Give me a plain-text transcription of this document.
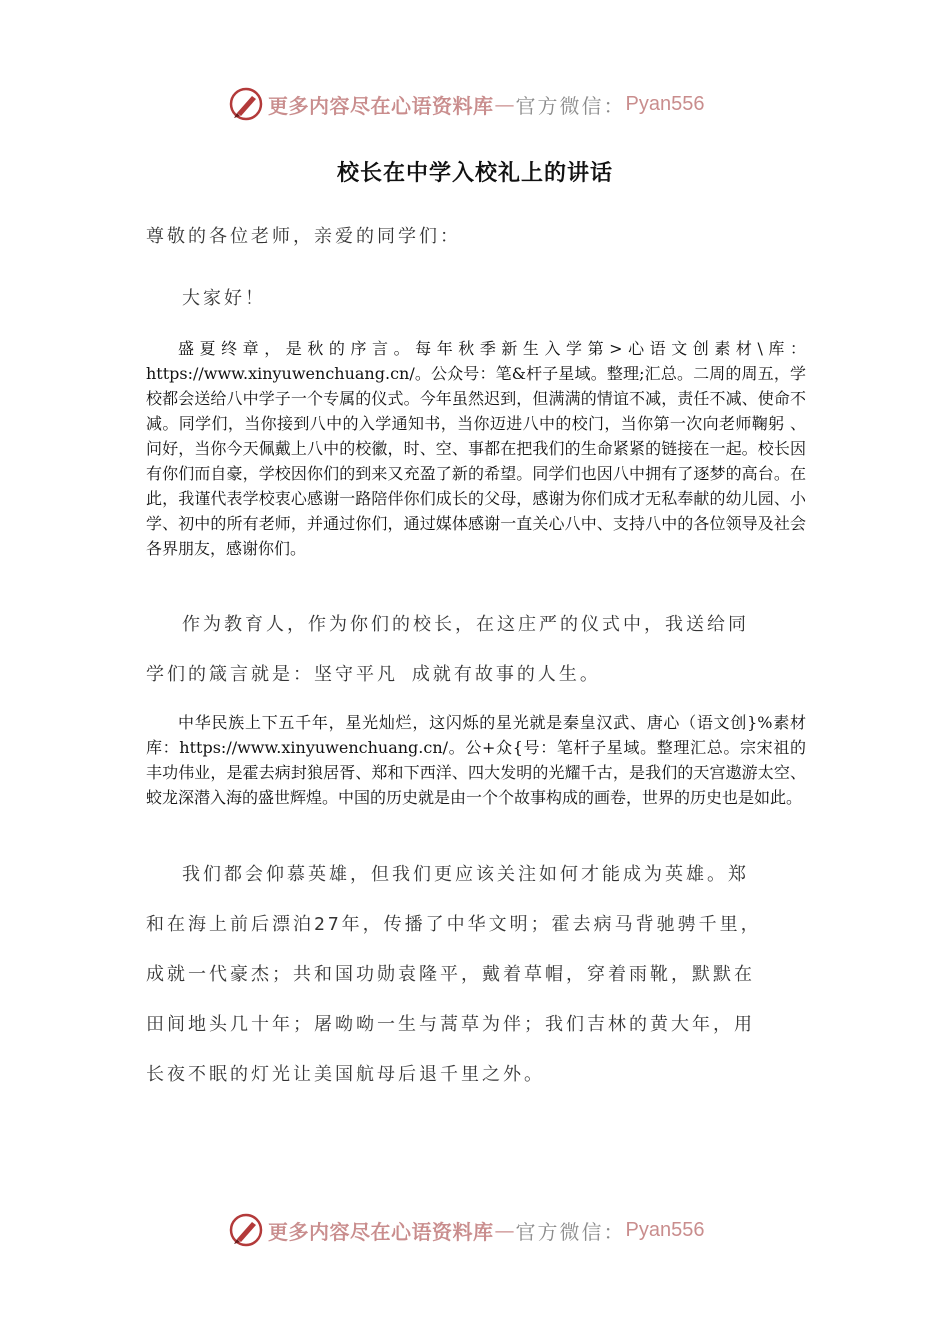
更多内容尽在心语资料库 — 官方微信： Pyan556
校长在中学入校礼上的讲话

尊敬的各位老师，亲爱的同学们：

大家好！

盛夏终章，是秋的序言。每年秋季新生入学第>心语文创素材\库：https://www.xinyuwenchuang.cn/。公众号：笔&杆子星域。整理;汇总。二周的周五，学校都会送给八中学子一个专属的仪式。今年虽然迟到，但满满的情谊不减，责任不减、使命不减。同学们，当你接到八中的入学通知书，当你迈进八中的校门，当你第一次向老师鞠躬 、问好，当你今天佩戴上八中的校徽，时、空、事都在把我们的生命紧紧的链接在一起。校长因有你们而自豪，学校因你们的到来又充盈了新的希望。同学们也因八中拥有了逐梦的高台。在此，我谨代表学校衷心感谢一路陪伴你们成长的父母，感谢为你们成才无私奉献的幼儿园、小学、初中的所有老师，并通过你们，通过媒体感谢一直关心八中、支持八中的各位领导及社会各界朋友，感谢你们。

作为教育人，作为你们的校长，在这庄严的仪式中，我送给同

学们的箴言就是：坚守平凡 成就有故事的人生。

中华民族上下五千年，星光灿烂，这闪烁的星光就是秦皇汉武、唐心（语文创}%素材库：https://www.xinyuwenchuang.cn/。公+众{号：笔杆子星域。整理汇总。宗宋祖的丰功伟业，是霍去病封狼居胥、郑和下西洋、四大发明的光耀千古，是我们的天宫遨游太空、蛟龙深潜入海的盛世辉煌。中国的历史就是由一个个故事构成的画卷，世界的历史也是如此。

我们都会仰慕英雄，但我们更应该关注如何才能成为英雄。郑

和在海上前后漂泊27年，传播了中华文明；霍去病马背驰骋千里，

成就一代豪杰；共和国功勋袁隆平，戴着草帽，穿着雨靴，默默在

田间地头几十年；屠呦呦一生与蒿草为伴；我们吉林的黄大年，用

长夜不眠的灯光让美国航母后退千里之外。

更多内容尽在心语资料库 — 官方微信： Pyan556
